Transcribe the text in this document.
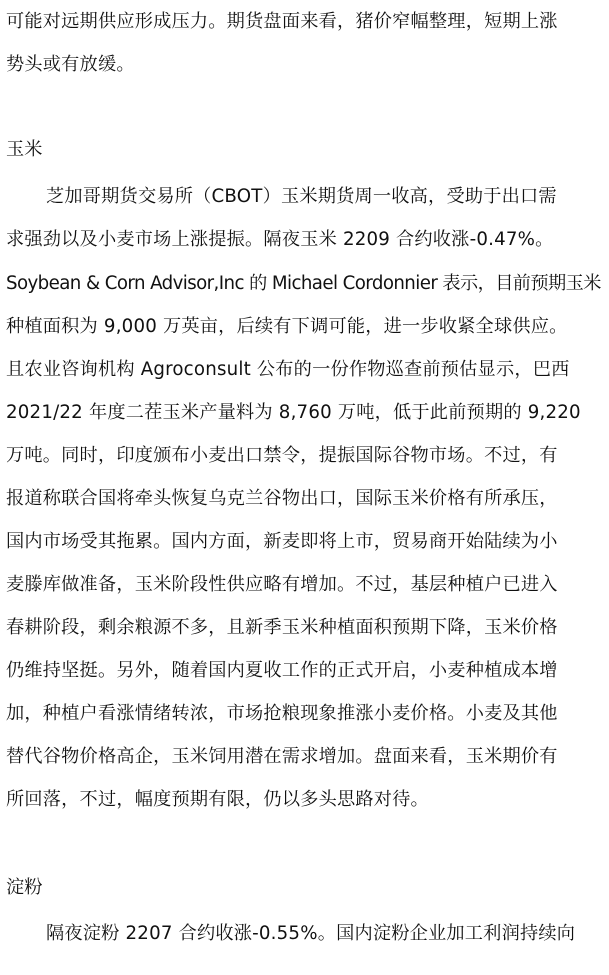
可能对远期供应形成压力。期货盘面来看，猪价窄幅整理，短期上涨
势头或有放缓。
玉米
芝加哥期货交易所（CBOT）玉米期货周一收高，受助于出口需
求强劲以及小麦市场上涨提振。隔夜玉米 2209 合约收涨-0.47%。
Soybean & Corn Advisor,Inc 的 Michael Cordonnier 表示，目前预期玉米
种植面积为 9,000 万英亩，后续有下调可能，进一步收紧全球供应。
且农业咨询机构 Agroconsult 公布的一份作物巡查前预估显示，巴西
2021/22 年度二茬玉米产量料为 8,760 万吨，低于此前预期的 9,220
万吨。同时，印度颁布小麦出口禁令，提振国际谷物市场。不过，有
报道称联合国将牵头恢复乌克兰谷物出口，国际玉米价格有所承压，
国内市场受其拖累。国内方面，新麦即将上市，贸易商开始陆续为小
麦滕库做准备，玉米阶段性供应略有增加。不过，基层种植户已进入
春耕阶段，剩余粮源不多，且新季玉米种植面积预期下降，玉米价格
仍维持坚挺。另外，随着国内夏收工作的正式开启，小麦种植成本增
加，种植户看涨情绪转浓，市场抢粮现象推涨小麦价格。小麦及其他
替代谷物价格高企，玉米饲用潜在需求增加。盘面来看，玉米期价有
所回落，不过，幅度预期有限，仍以多头思路对待。
淀粉
隔夜淀粉 2207 合约收涨-0.55%。国内淀粉企业加工利润持续向
